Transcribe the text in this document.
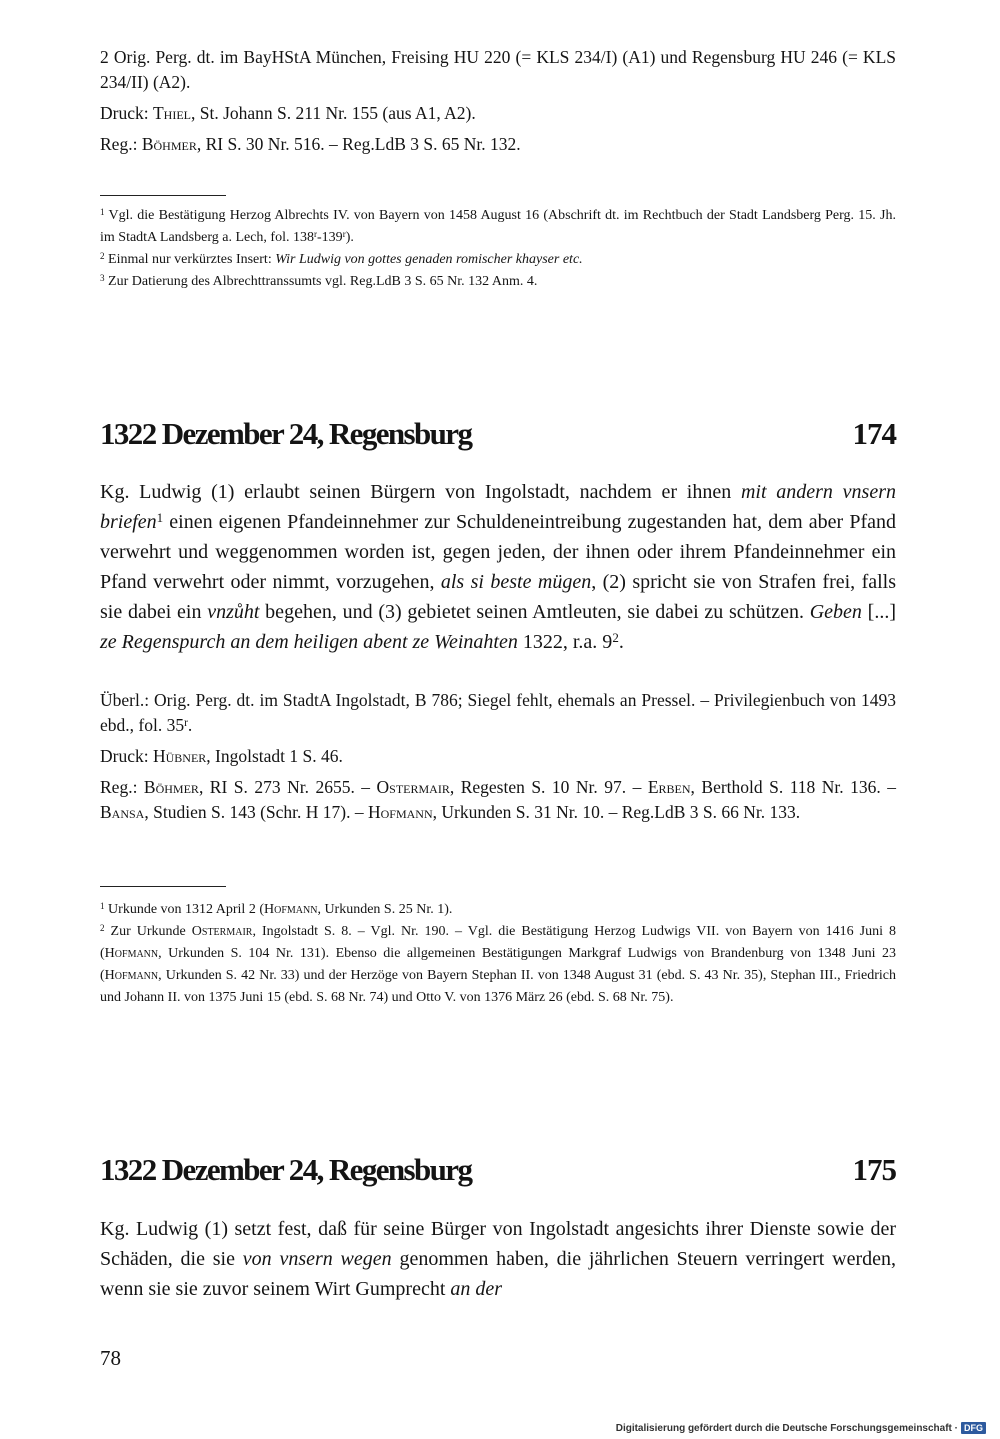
2 Orig. Perg. dt. im BayHStA München, Freising HU 220 (= KLS 234/I) (A1) und Regensburg HU 246 (= KLS 234/II) (A2).

Druck: Thiel, St. Johann S. 211 Nr. 155 (aus A1, A2).

Reg.: Böhmer, RI S. 30 Nr. 516. – Reg.LdB 3 S. 65 Nr. 132.

$^1$ Vgl. die Bestätigung Herzog Albrechts IV. von Bayern von 1458 August 16 (Abschrift dt. im Rechtbuch der Stadt Landsberg Perg. 15. Jh. im StadtA Landsberg a. Lech, fol. 138$^r$-139$^r$).

$^2$ Einmal nur verkürztes Insert: Wir Ludwig von gottes genaden romischer khayser etc.

$^3$ Zur Datierung des Albrechttranssumts vgl. Reg.LdB 3 S. 65 Nr. 132 Anm. 4.

1322 Dezember 24, Regensburg	174

Kg. Ludwig (1) erlaubt seinen Bürgern von Ingolstadt, nachdem er ihnen mit andern vnsern briefen$^1$ einen eigenen Pfandeinnehmer zur Schuldeneintreibung zugestanden hat, dem aber Pfand verwehrt und weggenommen worden ist, gegen jeden, der ihnen oder ihrem Pfandeinnehmer ein Pfand verwehrt oder nimmt, vorzugehen, als si beste mügen, (2) spricht sie von Strafen frei, falls sie dabei ein vnzůht begehen, und (3) gebietet seinen Amtleuten, sie dabei zu schützen. Geben [...] ze Regenspurch an dem heiligen abent ze Weinahten 1322, r.a. $9^2$.

Überl.: Orig. Perg. dt. im StadtA Ingolstadt, B 786; Siegel fehlt, ehemals an Pressel. – Privilegienbuch von 1493 ebd., fol. 35$^r$.

Druck: Hübner, Ingolstadt 1 S. 46.

Reg.: Böhmer, RI S. 273 Nr. 2655. – Ostermair, Regesten S. 10 Nr. 97. – Erben, Berthold S. 118 Nr. 136. – Bansa, Studien S. 143 (Schr. H 17). – Hofmann, Urkunden S. 31 Nr. 10. – Reg.LdB 3 S. 66 Nr. 133.

$^1$ Urkunde von 1312 April 2 (Hofmann, Urkunden S. 25 Nr. 1).

$^2$ Zur Urkunde Ostermair, Ingolstadt S. 8. – Vgl. Nr. 190. – Vgl. die Bestätigung Herzog Ludwigs VII. von Bayern von 1416 Juni 8 (Hofmann, Urkunden S. 104 Nr. 131). Ebenso die allgemeinen Bestätigungen Markgraf Ludwigs von Brandenburg von 1348 Juni 23 (Hofmann, Urkunden S. 42 Nr. 33) und der Herzöge von Bayern Stephan II. von 1348 August 31 (ebd. S. 43 Nr. 35), Stephan III., Friedrich und Johann II. von 1375 Juni 15 (ebd. S. 68 Nr. 74) und Otto V. von 1376 März 26 (ebd. S. 68 Nr. 75).

1322 Dezember 24, Regensburg	175

Kg. Ludwig (1) setzt fest, daß für seine Bürger von Ingolstadt angesichts ihrer Dienste sowie der Schäden, die sie von vnsern wegen genommen haben, die jährlichen Steuern verringert werden, wenn sie sie zuvor seinem Wirt Gumprecht an der

78
Digitalisierung gefördert durch die Deutsche Forschungsgemeinschaft · DFG
